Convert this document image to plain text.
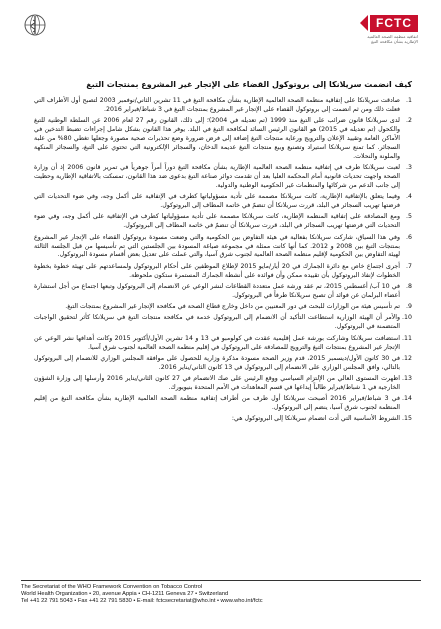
FCTC
اتفاقية منظمة الصحة العالمية
الإطارية بشأن مكافحة التبغ
كيف انضمت سريلانكا إلى بروتوكول القضاء على الإتجار غير المشروع بمنتجات التبغ
1.
صادقت سريلانكا على إتفاقية منظمة الصحة العالمية الإطارية بشأن مكافحة التبغ في 11 تشرين الثاني/نوفمبر 2003 لتصبح أول الأطراف التي فعلت ذلك ومن ثم انضمت إلى بروتوكول القضاء على الإتجار غير المشروع بمنتجات التبغ في 3 شباط/فبراير 2016.
2.
لدى سريلانكا قانون ضرائب على التبغ منذ 1999 (تم تعديله في 2004)؛ إلى ذلك، القانون رقم 27 لعام 2006 عن السلطة الوطنية للتبغ والكحول (تم تعديله في 2015) هو القانون الرئيس السائد لمكافحة التبغ في البلد. يوفر هذا القانون بشكل شامل إجراءات تضبط التدخين في الأماكن العامة وتقييد الإعلان والترويج ورعاية منتجات التبغ إضافة إلى فرض ضرورة وضع تحذيرات صحية مصورة وجعلها تغطي 80% من علبة السجائر. كما تمنع سريلانكا استيراد وتصنيع وبيع منتجات التبغ عديمة الدخان، والسجائر الإلكترونية التي تحتوي على التبغ، والسجائر المنكهة والملونة والنحلات.
3.
لعبت سريلانكا طرف في إتفاقية منظمة الصحة العالمية الإطارية بشأن مكافحة التبغ دوراً أمراً جوهرياً في تمرير قانون 2006 إذ أن وزارة الصحة واجهت تحديات قانونية أمام المحكمة العليا بعد أن تقدمت دوائر صناعة التبغ بدعوى ضد هذا القانون، تمسكت بالاتفاقية الإطارية وحظيت إلى جانب الدعم من شركائها والمنظمات غير الحكومية الوطنية والدولية.
4.
وفيما يتعلق بالإتفاقية الإطارية، كانت سريلانكا مصممة على تأدية مسؤولياتها كطرف في الإتفاقية على أكمل وجه، وفي ضوء التحديات التي فرضتها تهريب السجائر في البلد، قررت سريلانكا أن تنضمّ في خاتمة المطاف إلى البروتوكول.
5.
ومع المصادقة على إتفاقية المنظمة الإطارية، كانت سريلانكا مصممة على تأدية مسؤولياتها كطرف في الإتفاقية على أكمل وجه، وفي ضوء التحديات التي فرضتها تهريب السجائر في البلد، قررت سريلانكا أن تنضمّ في خاتمة المطاف إلى البروتوكول.
6.
وفي هذا السياق، شاركت سريلانكا بفعالية في هيئة التفاوض بين الحكومية والتي وضعت مسودة بروتوكول القضاء على الإتجار غير المشروع بمنتجات التبغ بين 2008 و 2012. كما أنها كانت ممثلة في مجموعة صياغة المسودة بين الجلستين التي تم تأسيسها من قبل الجلسة الثالثة لهيئة التفاوض بين الحكومية لإقليم منظمة الصحة العالمية لجنوب شرق آسيا، والتي عملت على تعديل بعض أقسام مسودة البروتوكول.
7.
أجرى اجتماع خاص مع دائرة الجمارك في 20 أيار/مايو 2015 لإطلاع الموظفين على أحكام البروتوكول ولمساعدتهم على تهيئة خطوة بخطوة الخطوات لإنفاذ البروتوكول بأن تقييده ممكن وأن فوائده على أنشطة الجمارك المستمرة ستكون ملحوظة.
8.
في 10 آب/ أغسطس 2015، تم عقد ورشة عمل متعددة القطاعات لنشر الوعي عن الانضمام إلى البروتوكول وتبعها اجتماع من أجل استشارة أعضاء البرلمان عن فوائد أن تصبح سريلانكا طرفاً في البروتوكول.
9.
تم تأسيس هيئة من الوزارات للبحث في دور المعنيين من داخل وخارج قطاع الصحة في مكافحة الإتجار غير المشروع بمنتجات التبغ.
10.
والأمر أن الهيئة الوزارية استطاعت التأكيد أن الانضمام إلى البروتوكول خدمة في مكافحة منتجات التبغ في سريلانكا كأثر لتحقيق الواجبات المتضمنة في البروتوكول.
11.
استضافت سريلانكا وشاركت بورشة عمل إقليمية عقدت في كولومبو في 13 و 14 تشرين الأول/أكتوبر 2015 وكانت أهدافها نشر الوعي عن الإتجار غير المشروع بمنتجات التبغ والترويج للمصادقة على البروتوكول في إقليم منظمة الصحة العالمية لجنوب شرق آسيا.
12.
في 30 كانون الأول/ديسمبر 2015، قدم وزير الصحة مسودة مذكرة وزارية للحصول على موافقة المجلس الوزاري للانضمام إلى البروتوكول بالتالي، وافق المجلس الوزاري على الانضمام إلى البروتوكول في 13 كانون الثاني/يناير 2016.
13.
اظهرت المستوى العالي من الإلتزام السياسي ووقع الرئيس على صك الانضمام في 27 كانون الثاني/يناير 2016 وأرسلها إلى وزارة الشؤون الخارجية في 1 شباط/فبراير طالباً إيداعها في قسم المعاهدات في الأمم المتحدة بنيويورك.
14.
في 3 شباط/فبراير 2016 أصبحت سريلانكا أول طرف من أطراف إتفاقية منظمة الصحة العالمية الإطارية بشأن مكافحة التبغ من إقليم المنظمة لجنوب شرق آسيا، ينضم إلى البروتوكول.
15.
الشروط الأساسية التي أدت انضمام سريلانكا إلى البروتوكول هي:
The Secretariat of the WHO Framework Convention on Tobacco Control
World Health Organization • 20, avenue Appia • CH-1211 Geneva 27 • Switzerland
Tel +41 22 791 5043 • Fax +41 22 791 5830 • E-mail: fctcsecretariat@who.int • www.who.int/fctc
